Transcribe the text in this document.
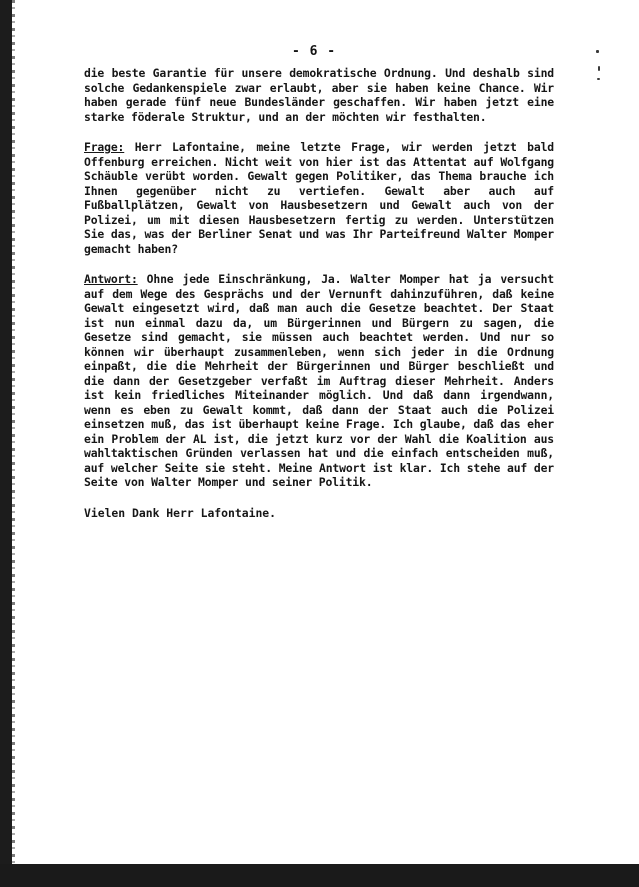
- 6 -

die beste Garantie für unsere demokratische Ordnung. Und deshalb sind solche Gedankenspiele zwar erlaubt, aber sie haben keine Chance. Wir haben gerade fünf neue Bundesländer geschaffen. Wir haben jetzt eine starke föderale Struktur, und an der möchten wir festhalten.

Frage: Herr Lafontaine, meine letzte Frage, wir werden jetzt bald Offenburg erreichen. Nicht weit von hier ist das Attentat auf Wolfgang Schäuble verübt worden. Gewalt gegen Politiker, das Thema brauche ich Ihnen gegenüber nicht zu vertiefen. Gewalt aber auch auf Fußballplätzen, Gewalt von Hausbesetzern und Gewalt auch von der Polizei, um mit diesen Hausbesetzern fertig zu werden. Unterstützen Sie das, was der Berliner Senat und was Ihr Parteifreund Walter Momper gemacht haben?

Antwort: Ohne jede Einschränkung, Ja. Walter Momper hat ja versucht auf dem Wege des Gesprächs und der Vernunft dahinzuführen, daß keine Gewalt eingesetzt wird, daß man auch die Gesetze beachtet. Der Staat ist nun einmal dazu da, um Bürgerinnen und Bürgern zu sagen, die Gesetze sind gemacht, sie müssen auch beachtet werden. Und nur so können wir überhaupt zusammenleben, wenn sich jeder in die Ordnung einpaßt, die die Mehrheit der Bürgerinnen und Bürger beschließt und die dann der Gesetzgeber verfaßt im Auftrag dieser Mehrheit. Anders ist kein friedliches Miteinander möglich. Und daß dann irgendwann, wenn es eben zu Gewalt kommt, daß dann der Staat auch die Polizei einsetzen muß, das ist überhaupt keine Frage. Ich glaube, daß das eher ein Problem der AL ist, die jetzt kurz vor der Wahl die Koalition aus wahltaktischen Gründen verlassen hat und die einfach entscheiden muß, auf welcher Seite sie steht. Meine Antwort ist klar. Ich stehe auf der Seite von Walter Momper und seiner Politik.

Vielen Dank Herr Lafontaine.
